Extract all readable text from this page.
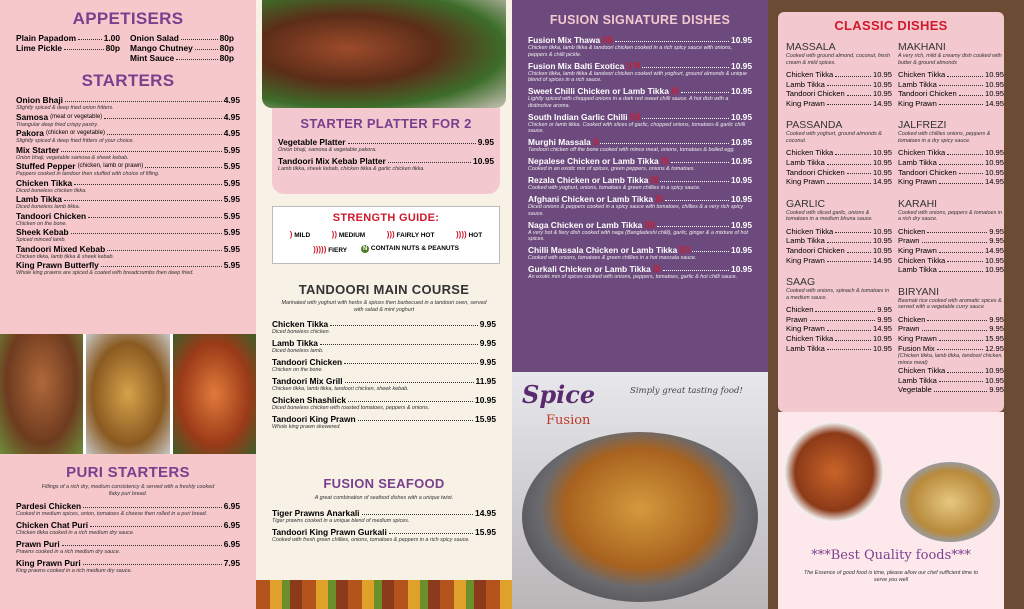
APPETISERS
Plain Papadom	1.00
Lime Pickle	80p
Onion Salad	80p
Mango Chutney	80p
Mint Sauce	80p
STARTERS
Onion Bhaji	4.95
Slightly spiced & deep fried onion fritters.
Samosa (meat or vegetable)	4.95
Triangular deep fried crispy pastry.
Pakora (chicken or vegetable)	4.95
Slightly spiced & deep fried fritters of your choice.
Mix Starter	5.95
Onion bhaji, vegetable samosa & sheek kebab.
Stuffed Pepper (chicken, lamb or prawn)	5.95
Peppers cooked in tandoor then stuffed with choice of filling.
Chicken Tikka	5.95
Diced boneless chicken tikka.
Lamb Tikka	5.95
Diced boneless lamb tikka.
Tandoori Chicken	5.95
Chicken on the bone.
Sheek Kebab	5.95
Spiced minced lamb.
Tandoori Mixed Kebab	5.95
Chicken tikka, lamb tikka & sheek kebab.
King Prawn Butterfly	5.95
Whole king prawns are spiced & coated with breadcrumbs then deep fried.
PURI STARTERS
Fillings of a rich dry, medium consistency & served with a freshly cooked flaky puri bread.
Pardesi Chicken	6.95
Cooked in medium spices, onion, tomatoes & cheese then rolled in a puri bread.
Chicken Chat Puri	6.95
Chicken tikka cooked in a rich medium dry sauce.
Prawn Puri	6.95
Prawns cooked in a rich medium dry sauce.
King Prawn Puri	7.95
King prawns cooked in a rich medium dry sauce.
STARTER PLATTER FOR 2
Vegetable Platter	9.95
Onion bhaji, samosa & vegetable pakora.
Tandoori Mix Kebab Platter	10.95
Lamb tikka, sheek kebab, chicken tikka & garlic chicken tikka.
STRENGTH GUIDE:
) MILD	)) MEDIUM	))) FAIRLY HOT	)))) HOT
))))) FIERY	N CONTAIN NUTS & PEANUTS
TANDOORI MAIN COURSE
Marinated with yoghurt with herbs & spices then barbecued in a tandoori oven, served with salad & mint yoghurt
Chicken Tikka	9.95
Diced boneless chicken.
Lamb Tikka	9.95
Diced boneless lamb.
Tandoori Chicken	9.95
Chicken on the bone.
Tandoori Mix Grill	11.95
Chicken tikka, lamb tikka, tandoori chicken, sheek kebab.
Chicken Shashlick	10.95
Diced boneless chicken with roasted tomatoes, peppers & onions.
Tandoori King Prawn	15.95
Whole king prawn skewered.
FUSION SEAFOOD
A great combination of seafood dishes with a unique twist.
Tiger Prawns Anarkali	14.95
Tiger prawns cooked in a unique blend of medium spices.
Tandoori King Prawn Gurkali	15.95
Cooked with fresh green chillies, onions, tomatoes & peppers in a rich spicy sauce.
FUSION SIGNATURE DISHES
Fusion Mix Thawa ))))	10.95
Chicken tikka, lamb tikka & tandoori chicken cooked in a rich spicy sauce with onions, peppers & chilli pickle.
Fusion Mix Balti Exotica )) N	10.95
Chicken tikka, lamb tikka & tandoori chicken cooked with yoghurt, ground almonds & unique blend of spices in a rich sauce.
Sweet Chilli Chicken or Lamb Tikka )))	10.95
Lightly spiced with chopped onions in a dark red sweet chilli sauce. A hot dish with a distinctive aroma.
South Indian Garlic Chilli ))))	10.95
Chicken or lamb tikka. Cooked with slices of garlic, chopped onions, tomatoes & garlic chilli sauce.
Murghi Massala ))	10.95
Tandoori chicken off the bone cooked with mince meat, onions, tomatoes & boiled egg.
Nepalese Chicken or Lamb Tikka )))	10.95
Cooked in an exotic mix of spices, green peppers, onions & tomatoes.
Rezala Chicken or Lamb Tikka )))	10.95
Cooked with yoghurt, onions, tomatoes & green chillies in a spicy sauce.
Afghani Chicken or Lamb Tikka )))	10.95
Diced onions & peppers cooked in a spicy sauce with tomatoes, chillies & a very rich spicy sauce.
Naga Chicken or Lamb Tikka ))))	10.95
A very hot & fiery dish cooked with naga (Bangladeshi chilli), garlic, ginger & a mixture of hot spices.
Chilli Massala Chicken or Lamb Tikka ))))	10.95
Cooked with onions, tomatoes & green chillies in a hot massala sauce.
Gurkali Chicken or Lamb Tikka )))	10.95
An exotic mix of spices cooked with onions, peppers, tomatoes, garlic & hot chilli sauce.
Spice
Fusion
Simply great tasting food!
CLASSIC DISHES
MASSALA
Cooked with ground almond, coconut, fresh cream & mild spices.
Chicken Tikka	10.95
Lamb Tikka	10.95
Tandoori Chicken	10.95
King Prawn	14.95
PASSANDA
Cooked with yoghurt, ground almonds & coconut.
Chicken Tikka	10.95
Lamb Tikka	10.95
Tandoori Chicken	10.95
King Prawn	14.95
GARLIC
Cooked with sliced garlic, onions & tomatoes in a medium bhuna sauce.
Chicken Tikka	10.95
Lamb Tikka	10.95
Tandoori Chicken	10.95
King Prawn	14.95
SAAG
Cooked with onions, spinach & tomatoes in a medium sauce.
Chicken	9.95
Prawn	9.95
King Prawn	14.95
Chicken Tikka	10.95
Lamb Tikka	10.95
MAKHANI
A very rich, mild & creamy dish cooked with butter & ground almonds
Chicken Tikka	10.95
Lamb Tikka	10.95
Tandoori Chicken	10.95
King Prawn	14.95
JALFREZI
Cooked with chillies onions, peppers & tomatoes in a dry spicy sauce.
Chicken Tikka	10.95
Lamb Tikka	10.95
Tandoori Chicken	10.95
King Prawn	14.95
KARAHI
Cooked with onions, peppers & tomatoes in a rich dry sauce.
Chicken	9.95
Prawn	9.95
King Prawn	14.95
Chicken Tikka	10.95
Lamb Tikka	10.95
BIRYANI
Basmati rice cooked with aromatic spices & served with a vegetable curry sauce
Chicken	9.95
Prawn	9.95
King Prawn	15.95
Fusion Mix	12.95
(Chicken tikka, lamb tikka, tandoori chicken, mince meat)
Chicken Tikka	10.95
Lamb Tikka	10.95
Vegetable	9.95
***Best Quality foods***
The Essence of good food is time, please allow our chef sufficient time to serve you well
